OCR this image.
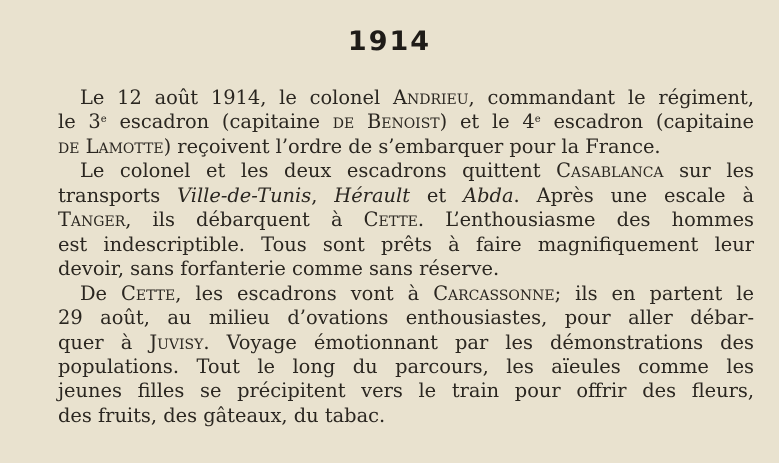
1914
Le 12 août 1914, le colonel Andrieu, commandant le régiment,
le 3e escadron (capitaine de Benoist) et le 4e escadron (capitaine
de Lamotte) reçoivent l’ordre de s’embarquer pour la France.
Le colonel et les deux escadrons quittent Casablanca sur les
transports Ville-de-Tunis, Hérault et Abda. Après une escale à
Tanger, ils débarquent à Cette. L’enthousiasme des hommes
est indescriptible. Tous sont prêts à faire magnifiquement leur
devoir, sans forfanterie comme sans réserve.
De Cette, les escadrons vont à Carcassonne; ils en partent le
29 août, au milieu d’ovations enthousiastes, pour aller débar-
quer à Juvisy. Voyage émotionnant par les démonstrations des
populations. Tout le long du parcours, les aïeules comme les
jeunes filles se précipitent vers le train pour offrir des fleurs,
des fruits, des gâteaux, du tabac.
